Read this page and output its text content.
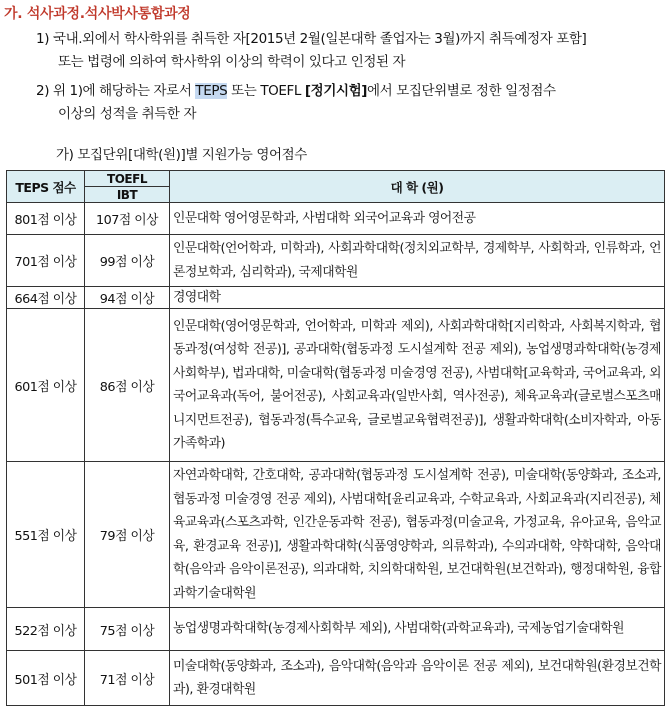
가. 석사과정.석사박사통합과정
1) 국내.외에서 학사학위를 취득한 자[2015년 2월(일본대학 졸업자는 3월)까지 취득예정자 포함]
또는 법령에 의하여 학사학위 이상의 학력이 있다고 인정된 자
2) 위 1)에 해당하는 자로서 TEPS 또는 TOEFL [정기시험]에서 모집단위별로 정한 일정점수
이상의 성적을 취득한 자
가) 모집단위[대학(원)]별 지원가능 영어점수
TEPS 점수	TOEFL	대 학 (원)
	IBT	
801점 이상	107점 이상	인문대학 영어영문학과, 사범대학 외국어교육과 영어전공
701점 이상	99점 이상	인문대학(언어학과, 미학과), 사회과학대학(정치외교학부, 경제학부, 사회학과, 인류학과, 언론정보학과, 심리학과), 국제대학원
664점 이상	94점 이상	경영대학
601점 이상	86점 이상	인문대학(영어영문학과, 언어학과, 미학과 제외), 사회과학대학[지리학과, 사회복지학과, 협동과정(여성학 전공)], 공과대학(협동과정 도시설계학 전공 제외), 농업생명과학대학(농경제사회학부), 법과대학, 미술대학(협동과정 미술경영 전공), 사범대학[교육학과, 국어교육과, 외국어교육과(독어, 불어전공), 사회교육과(일반사회, 역사전공), 체육교육과(글로벌스포츠매니지먼트전공), 협동과정(특수교육, 글로벌교육협력전공)], 생활과학대학(소비자학과, 아동가족학과)
551점 이상	79점 이상	자연과학대학, 간호대학, 공과대학(협동과정 도시설계학 전공), 미술대학(동양화과, 조소과, 협동과정 미술경영 전공 제외), 사범대학[윤리교육과, 수학교육과, 사회교육과(지리전공), 체육교육과(스포츠과학, 인간운동과학 전공), 협동과정(미술교육, 가정교육, 유아교육, 음악교육, 환경교육 전공)], 생활과학대학(식품영양학과, 의류학과), 수의과대학, 약학대학, 음악대학(음악과 음악이론전공), 의과대학, 치의학대학원, 보건대학원(보건학과), 행정대학원, 융합과학기술대학원
522점 이상	75점 이상	농업생명과학대학(농경제사회학부 제외), 사범대학(과학교육과), 국제농업기술대학원
501점 이상	71점 이상	미술대학(동양화과, 조소과), 음악대학(음악과 음악이론 전공 제외), 보건대학원(환경보건학과), 환경대학원
